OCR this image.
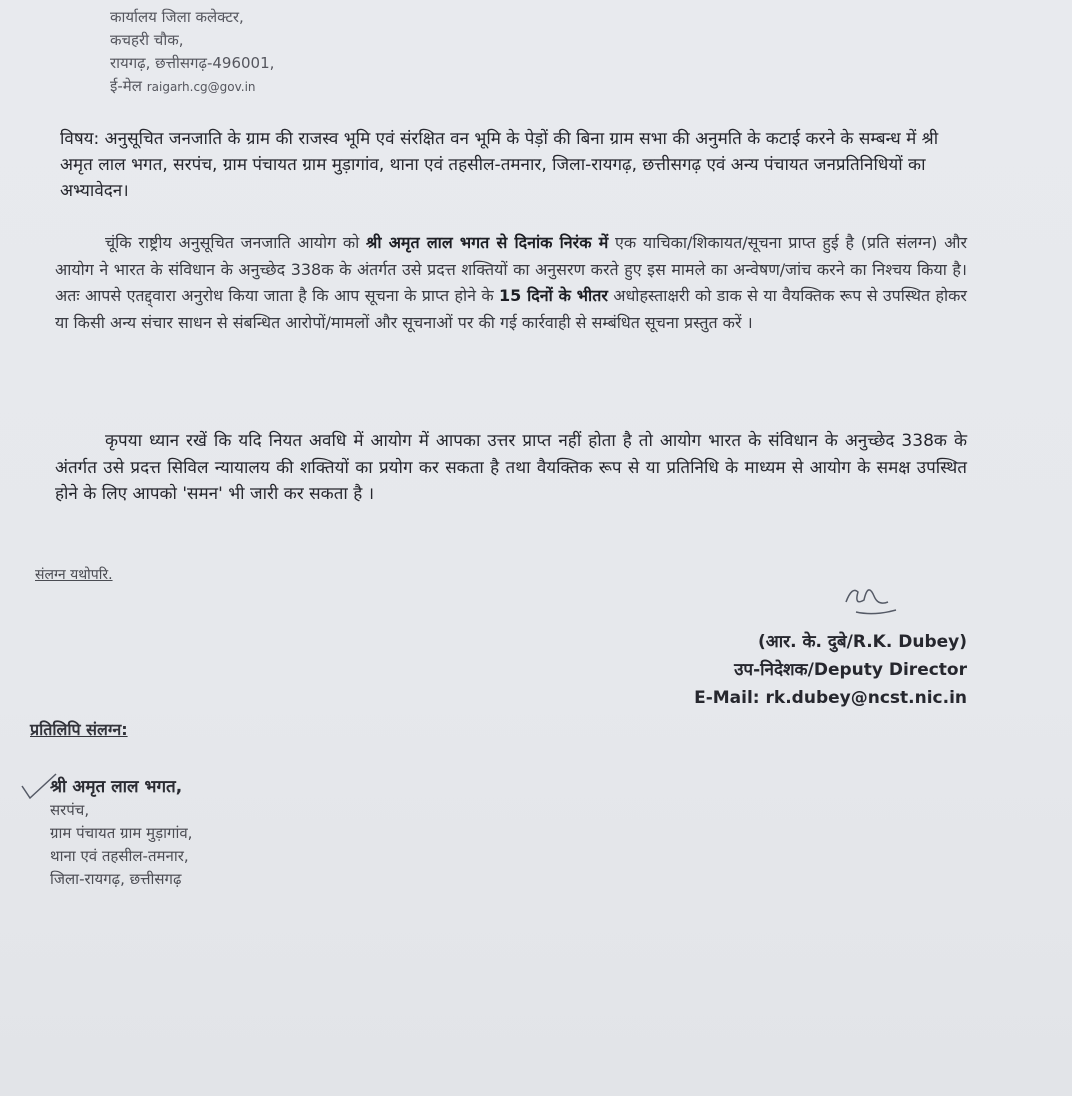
कार्यालय जिला कलेक्टर,
कचहरी चौक,
रायगढ़, छत्तीसगढ़-496001,
ई-मेल raigarh.cg@gov.in
विषय: अनुसूचित जनजाति के ग्राम की राजस्व भूमि एवं संरक्षित वन भूमि के पेड़ों की बिना ग्राम सभा की अनुमति के कटाई करने के सम्बन्ध में श्री अमृत लाल भगत, सरपंच, ग्राम पंचायत ग्राम मुड़ागांव, थाना एवं तहसील-तमनार, जिला-रायगढ़, छत्तीसगढ़ एवं अन्य पंचायत जनप्रतिनिधियों का अभ्यावेदन।
चूंकि राष्ट्रीय अनुसूचित जनजाति आयोग को श्री अमृत लाल भगत से दिनांक निरंक में एक याचिका/शिकायत/सूचना प्राप्त हुई है (प्रति संलग्न) और आयोग ने भारत के संविधान के अनुच्छेद 338क के अंतर्गत उसे प्रदत्त शक्तियों का अनुसरण करते हुए इस मामले का अन्वेषण/जांच करने का निश्चय किया है।अतः आपसे एतद्द्वारा अनुरोध किया जाता है कि आप सूचना के प्राप्त होने के 15 दिनों के भीतर अधोहस्ताक्षरी को डाक से या वैयक्तिक रूप से उपस्थित होकर या किसी अन्य संचार साधन से संबन्धित आरोपों/मामलों और सूचनाओं पर की गई कार्रवाही से सम्बंधित सूचना प्रस्तुत करें ।
कृपया ध्यान रखें कि यदि नियत अवधि में आयोग में आपका उत्तर प्राप्त नहीं होता है तो आयोग भारत के संविधान के अनुच्छेद 338क के अंतर्गत उसे प्रदत्त सिविल न्यायालय की शक्तियों का प्रयोग कर सकता है तथा वैयक्तिक रूप से या प्रतिनिधि के माध्यम से आयोग के समक्ष उपस्थित होने के लिए आपको 'समन' भी जारी कर सकता है ।
संलग्न यथोपरि.
(आर. के. दुबे/R.K. Dubey)
उप-निदेशक/Deputy Director
E-Mail: rk.dubey@ncst.nic.in
प्रतिलिपि संलग्न:
श्री अमृत लाल भगत,
सरपंच,
ग्राम पंचायत ग्राम मुड़ागांव,
थाना एवं तहसील-तमनार,
जिला-रायगढ़, छत्तीसगढ़
